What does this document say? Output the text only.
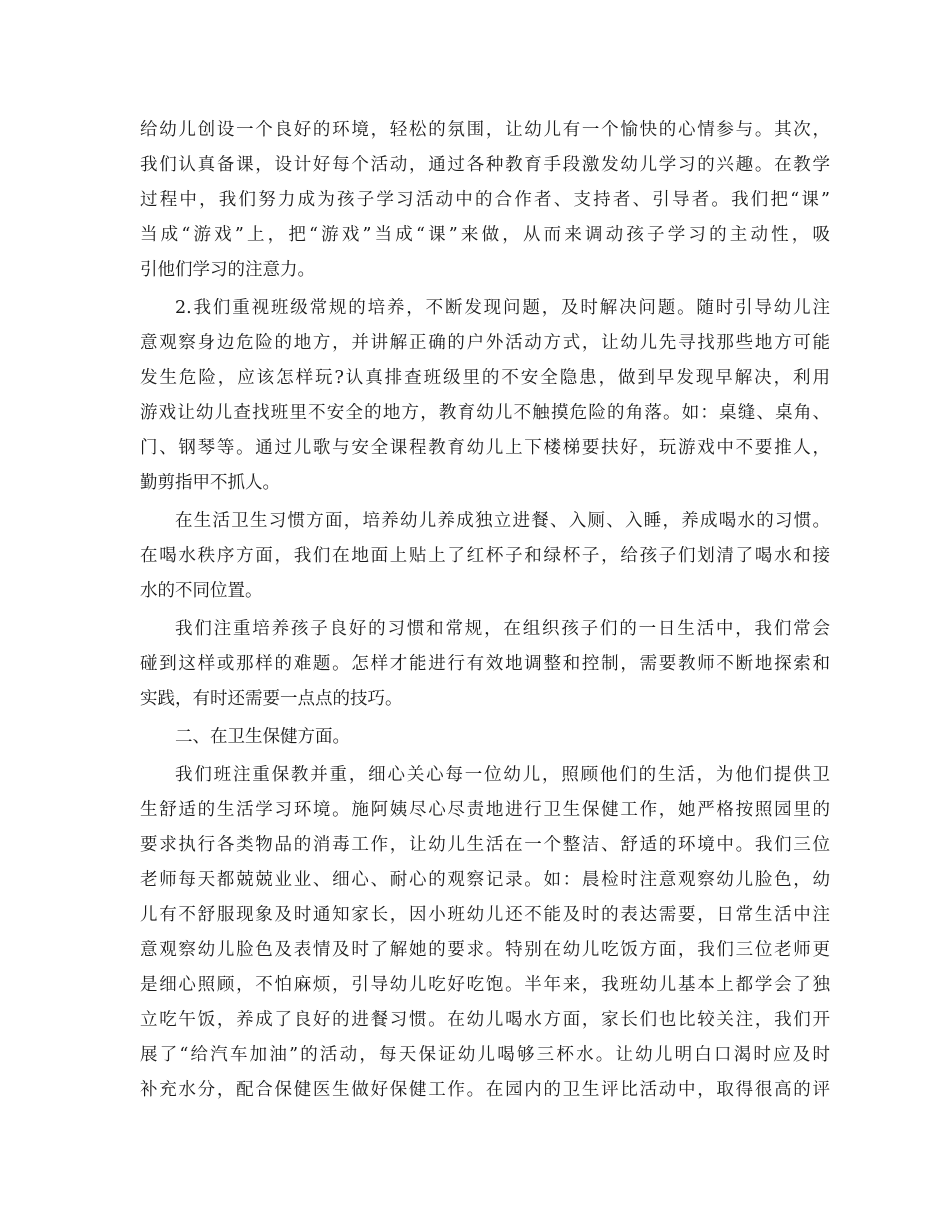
给幼儿创设一个良好的环境，轻松的氛围，让幼儿有一个愉快的心情参与。其次，
我们认真备课，设计好每个活动，通过各种教育手段激发幼儿学习的兴趣。在教学
过程中，我们努力成为孩子学习活动中的合作者、支持者、引导者。我们把“课”
当成“游戏”上，把“游戏”当成“课”来做，从而来调动孩子学习的主动性，吸
引他们学习的注意力。
2.我们重视班级常规的培养，不断发现问题，及时解决问题。随时引导幼儿注
意观察身边危险的地方，并讲解正确的户外活动方式，让幼儿先寻找那些地方可能
发生危险，应该怎样玩?认真排查班级里的不安全隐患，做到早发现早解决，利用
游戏让幼儿查找班里不安全的地方，教育幼儿不触摸危险的角落。如：桌缝、桌角、
门、钢琴等。通过儿歌与安全课程教育幼儿上下楼梯要扶好，玩游戏中不要推人，
勤剪指甲不抓人。
在生活卫生习惯方面，培养幼儿养成独立进餐、入厕、入睡，养成喝水的习惯。
在喝水秩序方面，我们在地面上贴上了红杯子和绿杯子，给孩子们划清了喝水和接
水的不同位置。
我们注重培养孩子良好的习惯和常规，在组织孩子们的一日生活中，我们常会
碰到这样或那样的难题。怎样才能进行有效地调整和控制，需要教师不断地探索和
实践，有时还需要一点点的技巧。
二、在卫生保健方面。
我们班注重保教并重，细心关心每一位幼儿，照顾他们的生活，为他们提供卫
生舒适的生活学习环境。施阿姨尽心尽责地进行卫生保健工作，她严格按照园里的
要求执行各类物品的消毒工作，让幼儿生活在一个整洁、舒适的环境中。我们三位
老师每天都兢兢业业、细心、耐心的观察记录。如：晨检时注意观察幼儿脸色，幼
儿有不舒服现象及时通知家长，因小班幼儿还不能及时的表达需要，日常生活中注
意观察幼儿脸色及表情及时了解她的要求。特别在幼儿吃饭方面，我们三位老师更
是细心照顾，不怕麻烦，引导幼儿吃好吃饱。半年来，我班幼儿基本上都学会了独
立吃午饭，养成了良好的进餐习惯。在幼儿喝水方面，家长们也比较关注，我们开
展了“给汽车加油”的活动，每天保证幼儿喝够三杯水。让幼儿明白口渴时应及时
补充水分，配合保健医生做好保健工作。在园内的卫生评比活动中，取得很高的评
